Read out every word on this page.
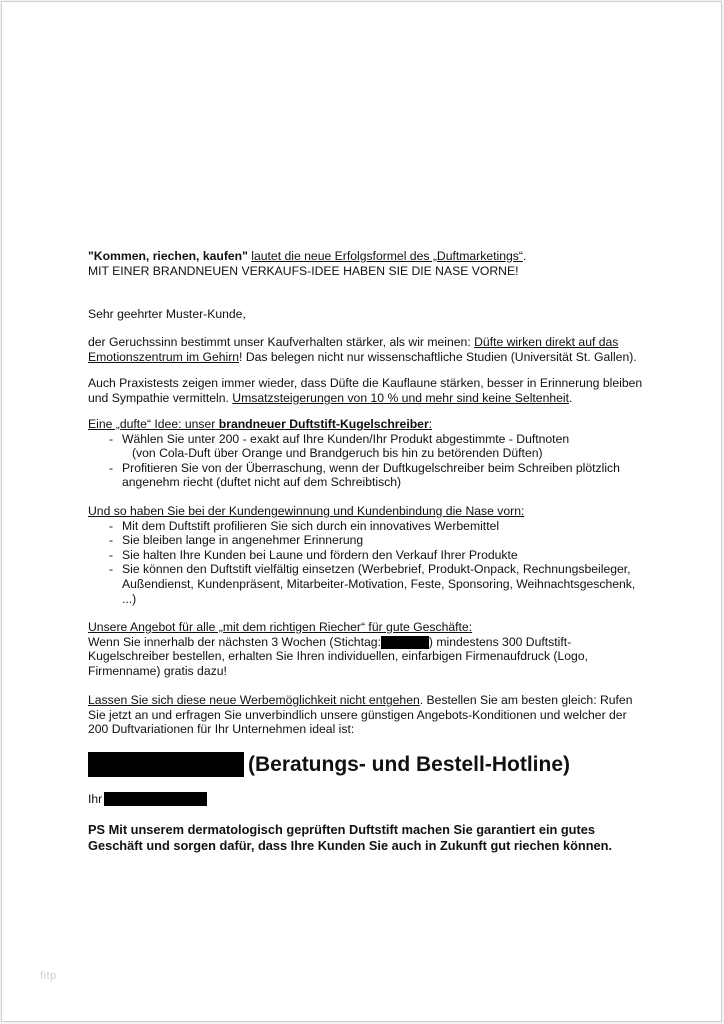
"Kommen, riechen, kaufen" lautet die neue Erfolgsformel des „Duftmarketings“.
MIT EINER BRANDNEUEN VERKAUFS-IDEE HABEN SIE DIE NASE VORNE!
Sehr geehrter Muster-Kunde,
der Geruchssinn bestimmt unser Kaufverhalten stärker, als wir meinen: Düfte wirken direkt auf das Emotionszentrum im Gehirn! Das belegen nicht nur wissenschaftliche Studien (Universität St. Gallen).
Auch Praxistests zeigen immer wieder, dass Düfte die Kauflaune stärken, besser in Erinnerung bleiben und Sympathie vermitteln. Umsatzsteigerungen von 10 % und mehr sind keine Seltenheit.
Eine „dufte“ Idee: unser brandneuer Duftstift-Kugelschreiber:
- Wählen Sie unter 200 - exakt auf Ihre Kunden/Ihr Produkt abgestimmte - Duftnoten
(von Cola-Duft über Orange und Brandgeruch bis hin zu betörenden Düften)
- Profitieren Sie von der Überraschung, wenn der Duftkugelschreiber beim Schreiben plötzlich angenehm riecht (duftet nicht auf dem Schreibtisch)
Und so haben Sie bei der Kundengewinnung und Kundenbindung die Nase vorn:
- Mit dem Duftstift profilieren Sie sich durch ein innovatives Werbemittel
- Sie bleiben lange in angenehmer Erinnerung
- Sie halten Ihre Kunden bei Laune und fördern den Verkauf Ihrer Produkte
- Sie können den Duftstift vielfältig einsetzen (Werbebrief, Produkt-Onpack, Rechnungsbeileger, Außendienst, Kundenpräsent, Mitarbeiter-Motivation, Feste, Sponsoring, Weihnachtsgeschenk, ...)
Unsere Angebot für alle „mit dem richtigen Riecher“ für gute Geschäfte:
Wenn Sie innerhalb der nächsten 3 Wochen (Stichtag:	) mindestens 300 Duftstift-Kugelschreiber bestellen, erhalten Sie Ihren individuellen, einfarbigen Firmenaufdruck (Logo, Firmenname) gratis dazu!
Lassen Sie sich diese neue Werbemöglichkeit nicht entgehen. Bestellen Sie am besten gleich: Rufen Sie jetzt an und erfragen Sie unverbindlich unsere günstigen Angebots-Konditionen und welcher der 200 Duftvariationen für Ihr Unternehmen ideal ist:
(Beratungs- und Bestell-Hotline)
Ihr
PS Mit unserem dermatologisch geprüften Duftstift machen Sie garantiert ein gutes Geschäft und sorgen dafür, dass Ihre Kunden Sie auch in Zukunft gut riechen können.
fitp
